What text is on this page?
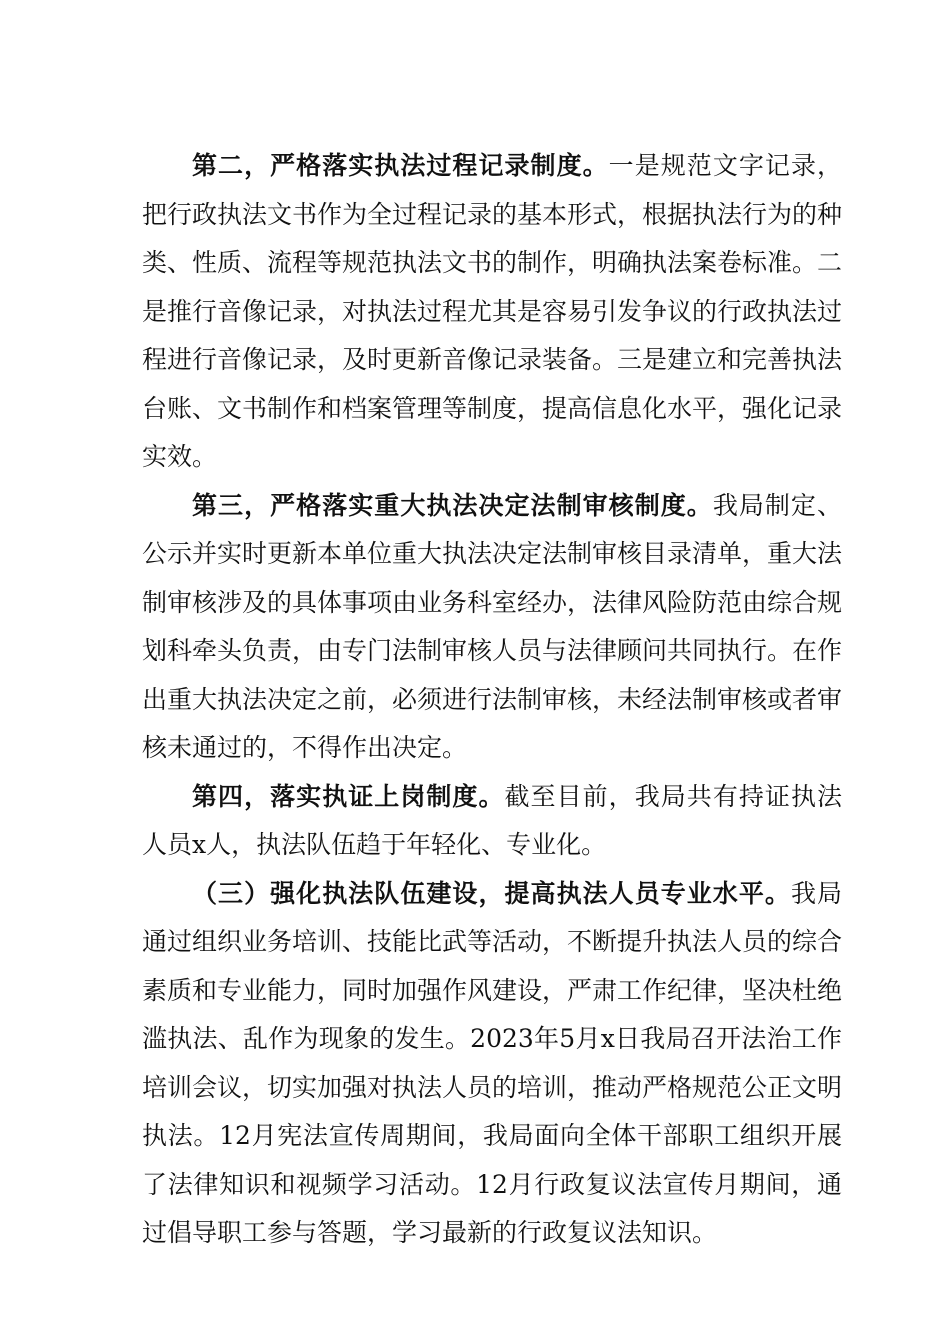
第二，严格落实执法过程记录制度。一是规范文字记录，把行政执法文书作为全过程记录的基本形式，根据执法行为的种类、性质、流程等规范执法文书的制作，明确执法案卷标准。二是推行音像记录，对执法过程尤其是容易引发争议的行政执法过程进行音像记录，及时更新音像记录装备。三是建立和完善执法台账、文书制作和档案管理等制度，提高信息化水平，强化记录实效。

第三，严格落实重大执法决定法制审核制度。我局制定、公示并实时更新本单位重大执法决定法制审核目录清单，重大法制审核涉及的具体事项由业务科室经办，法律风险防范由综合规划科牵头负责，由专门法制审核人员与法律顾问共同执行。在作出重大执法决定之前，必须进行法制审核，未经法制审核或者审核未通过的，不得作出决定。

第四，落实执证上岗制度。截至目前，我局共有持证执法人员x人，执法队伍趋于年轻化、专业化。

（三）强化执法队伍建设，提高执法人员专业水平。我局通过组织业务培训、技能比武等活动，不断提升执法人员的综合素质和专业能力，同时加强作风建设，严肃工作纪律，坚决杜绝滥执法、乱作为现象的发生。2023年5月x日我局召开法治工作培训会议，切实加强对执法人员的培训，推动严格规范公正文明执法。12月宪法宣传周期间，我局面向全体干部职工组织开展了法律知识和视频学习活动。12月行政复议法宣传月期间，通过倡导职工参与答题，学习最新的行政复议法知识。
